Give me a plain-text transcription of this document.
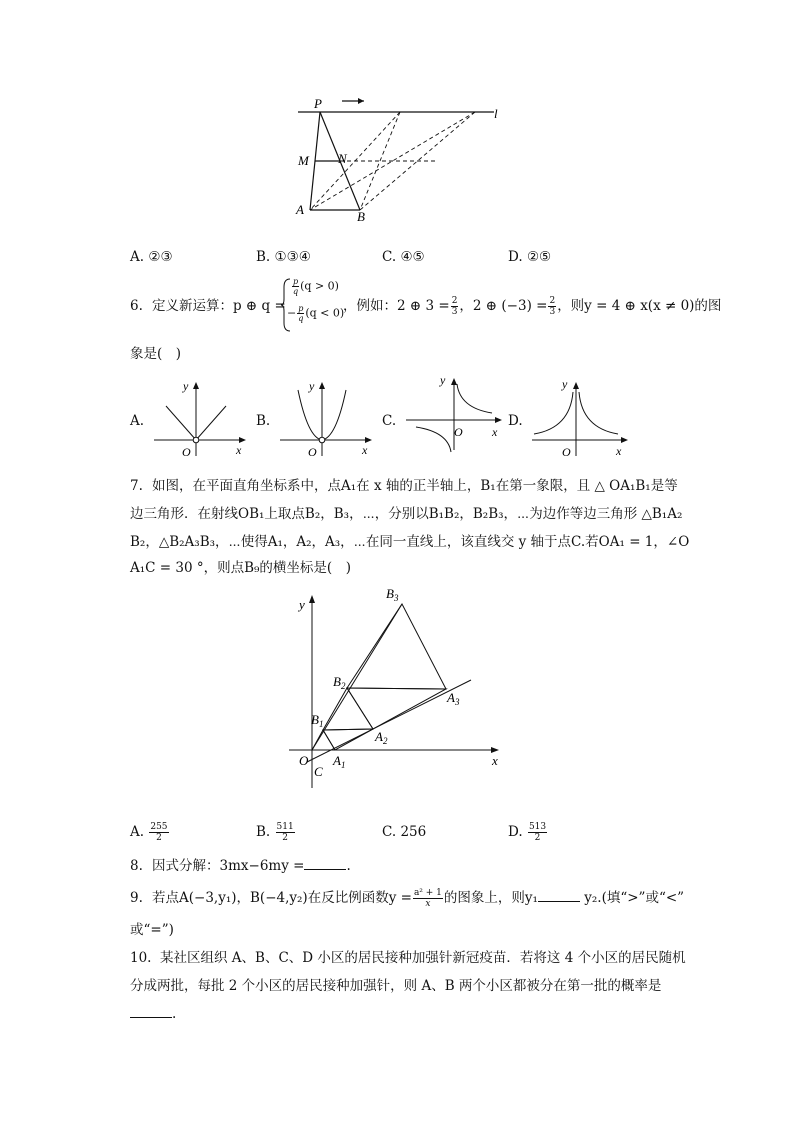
P
M N
A	B
l
A. ②③	B. ①③④	C. ④⑤	D. ②⑤
6. 定义新运算：p ⊕ q =
$\frac{p}{q} (q > 0)$
− $\frac{p}{q} (q < 0)$
，例如：2 ⊕ $3 = \frac{2}{3}$ ，2 ⊕ $(-3) = \frac{2}{3}$ ，则y = 4 ⊕ x(x ≠ 0)的图
象是(　)
A.
y
x
O
B.
y
x
O
C.
y
x
O
D.
y
x
O
7. 如图，在平面直角坐标系中，点A₁在 x 轴的正半轴上，B₁在第一象限，且 △ OA₁B₁是等
边三角形．在射线OB₁上取点B₂，B₃，⋯，分别以B₁B₂，B₂B₃，⋯为边作等边三角形 △B₁A₂
B₂，△B₂A₃B₃，⋯使得A₁，A₂，A₃，⋯在同一直线上，该直线交 y 轴于点C.若OA₁ = 1，∠O
A₁C = 30 °，则点B₉的横坐标是(　)
y
x
O
C
$A_1$
$A_2$
$A_3$
$B_1$
$B_2$
$B_3$
A. $\frac{255}{2}$	B. $\frac{511}{2}$	C. 256	D. $\frac{513}{2}$
8. 因式分解：3mx−6my =	.
9. 若点A(−3,y₁)，B(−4,y₂)在反比例函数$y = \frac{\text{a² + 1}}{x}$ 的图象上，则y₁	y₂.(填“>”或“<”
或“=”)
10. 某社区组织 A、B、C、D 小区的居民接种加强针新冠疫苗．若将这 4 个小区的居民随机
分成两批，每批 2 个小区的居民接种加强针，则 A、B 两个小区都被分在第一批的概率是
.
